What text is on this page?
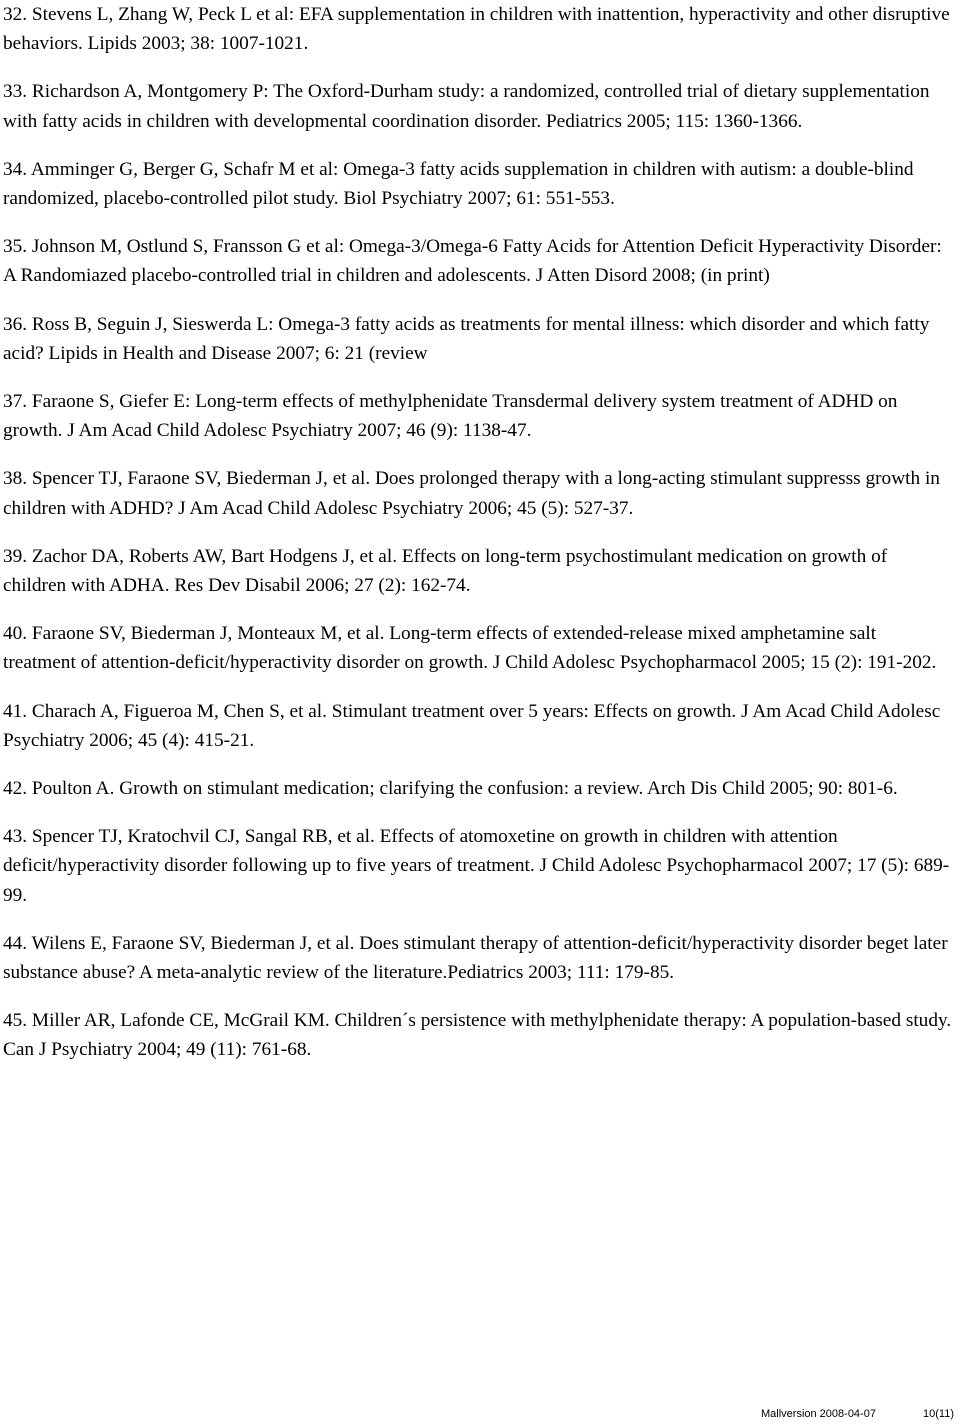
32. Stevens L, Zhang W, Peck L et al: EFA supplementation in children with inattention, hyperactivity and other disruptive behaviors. Lipids 2003; 38: 1007-1021.

33. Richardson A, Montgomery P: The Oxford-Durham study: a randomized, controlled trial of dietary supplementation with fatty acids in children with developmental coordination disorder. Pediatrics 2005; 115: 1360-1366.

34. Amminger G, Berger G, Schafr M et al: Omega-3 fatty acids supplemation in children with autism: a double-blind randomized, placebo-controlled pilot study. Biol Psychiatry 2007; 61: 551-553.

35. Johnson M, Ostlund S, Fransson G et al: Omega-3/Omega-6 Fatty Acids for Attention Deficit Hyperactivity Disorder: A Randomiazed placebo-controlled trial in children and adolescents. J Atten Disord 2008; (in print)

36. Ross B, Seguin J, Sieswerda L: Omega-3 fatty acids as treatments for mental illness: which disorder and which fatty acid? Lipids in Health and Disease 2007; 6: 21 (review

37. Faraone S, Giefer E: Long-term effects of methylphenidate Transdermal delivery system treatment of ADHD on growth. J Am Acad Child Adolesc Psychiatry 2007; 46 (9): 1138-47.

38. Spencer TJ, Faraone SV, Biederman J, et al. Does prolonged therapy with a long-acting stimulant suppresss growth in children with ADHD? J Am Acad Child Adolesc Psychiatry 2006; 45 (5): 527-37.

39. Zachor DA, Roberts AW, Bart Hodgens J, et al. Effects on long-term psychostimulant medication on growth of children with ADHA. Res Dev Disabil 2006; 27 (2): 162-74.

40. Faraone SV, Biederman J, Monteaux M, et al. Long-term effects of extended-release mixed amphetamine salt treatment of attention-deficit/hyperactivity disorder on growth. J Child Adolesc Psychopharmacol 2005; 15 (2): 191-202.

41. Charach A, Figueroa M, Chen S, et al. Stimulant treatment over 5 years: Effects on growth. J Am Acad Child Adolesc Psychiatry 2006; 45 (4): 415-21.

42. Poulton A. Growth on stimulant medication; clarifying the confusion: a review. Arch Dis Child 2005; 90: 801-6.

43. Spencer TJ, Kratochvil CJ, Sangal RB, et al. Effects of atomoxetine on growth in children with attention deficit/hyperactivity disorder following up to five years of treatment. J Child Adolesc Psychopharmacol 2007; 17 (5): 689-99.

44. Wilens E, Faraone SV, Biederman J, et al. Does stimulant therapy of attention-deficit/hyperactivity disorder beget later substance abuse? A meta-analytic review of the literature.Pediatrics 2003; 111: 179-85.

45. Miller AR, Lafonde CE, McGrail KM. Children´s persistence with methylphenidate therapy: A population-based study. Can J Psychiatry 2004; 49 (11): 761-68.

Mallversion 2008-04-07	10(11)
